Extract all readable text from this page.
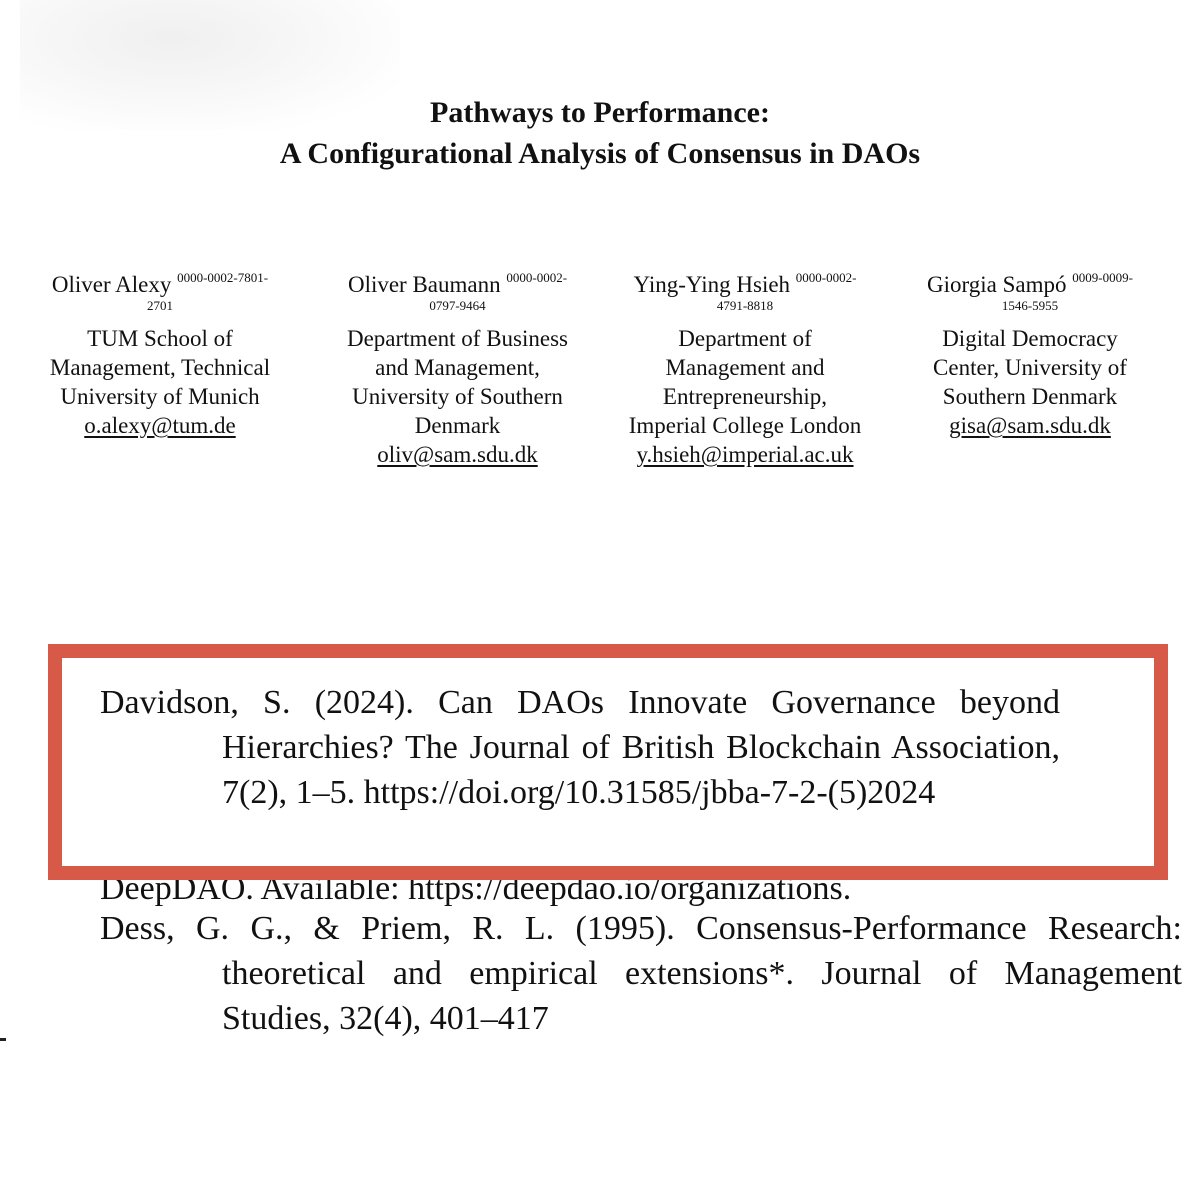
Pathways to Performance:
A Configurational Analysis of Consensus in DAOs
Oliver Alexy $^{0000-0002-7801-}$
2701
TUM School of
Management, Technical
University of Munich
o.alexy@tum.de
Oliver Baumann $^{0000-0002-}$
0797-9464
Department of Business
and Management,
University of Southern
Denmark
oliv@sam.sdu.dk
Ying-Ying Hsieh $^{0000-0002-}$
4791-8818
Department of
Management and
Entrepreneurship,
Imperial College London
y.hsieh@imperial.ac.uk
Giorgia Sampó $^{0009-0009-}$
1546-5955
Digital Democracy
Center, University of
Southern Denmark
gisa@sam.sdu.dk
Davidson, S. (2024). Can DAOs Innovate Governance beyond Hierarchies? The Journal of British Blockchain Association, 7(2), 1–5. https://doi.org/10.31585/jbba-7-2-(5)2024
DeepDAO. Available: https://deepdao.io/organizations.
Dess, G. G., & Priem, R. L. (1995). Consensus-Performance Research: theoretical and empirical extensions*. Journal of Management Studies, 32(4), 401–417
